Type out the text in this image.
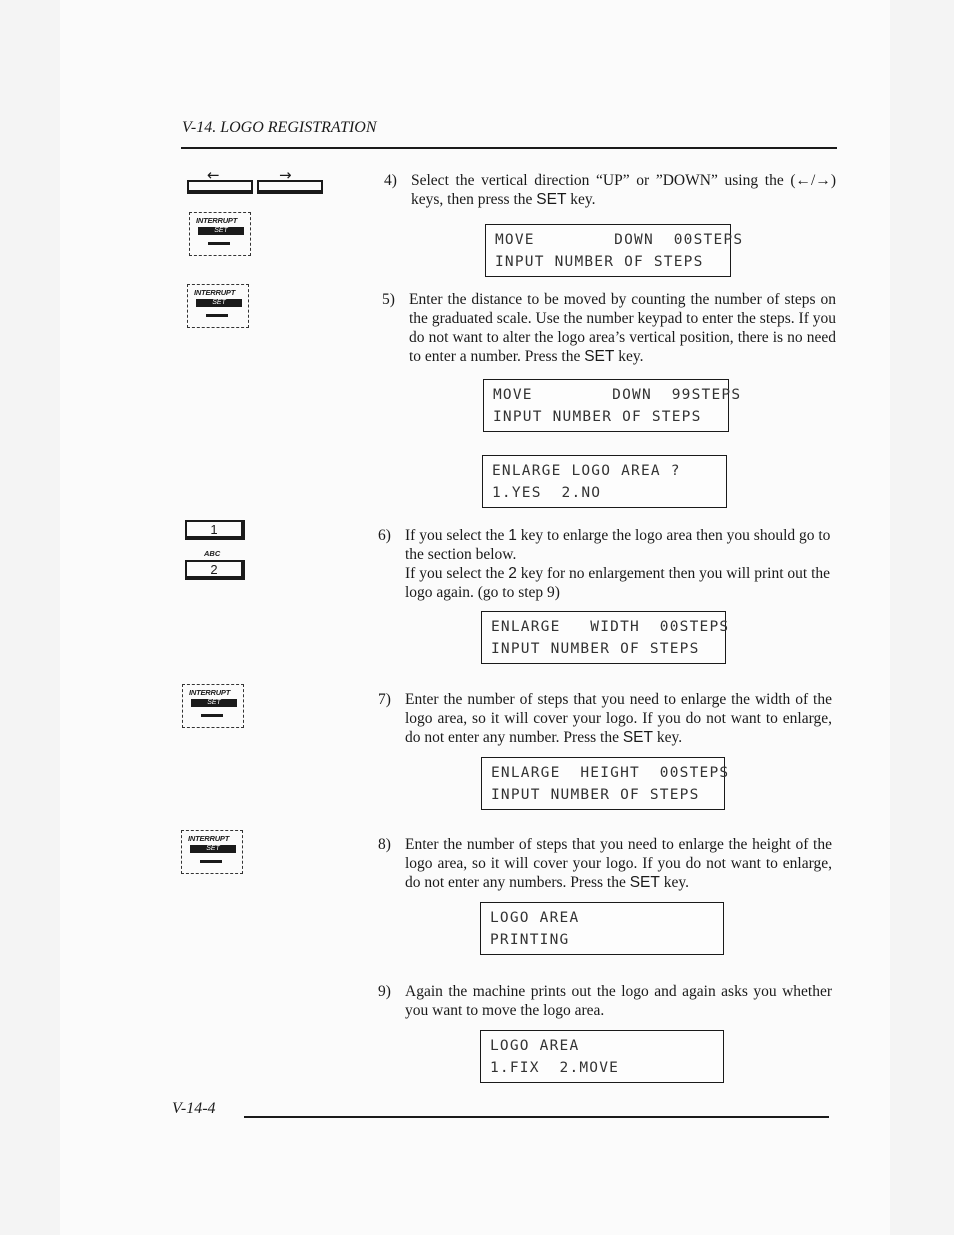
V-14. LOGO REGISTRATION
←	→
INTERRUPT
SET
INTERRUPT
SET
1
ABC
2
INTERRUPT
SET
INTERRUPT
SET
4) Select the vertical direction “UP” or ”DOWN” using the (←/→) keys, then press the SET key.

MOVE        DOWN  00STEPS
INPUT NUMBER OF STEPS
5) Enter the distance to be moved by counting the number of steps on the graduated scale. Use the number keypad to enter the steps. If you do not want to alter the logo area’s vertical position, there is no need to enter a number. Press the SET key.

MOVE        DOWN  99STEPS
INPUT NUMBER OF STEPS
ENLARGE LOGO AREA ?
1.YES  2.NO
6) If you select the 1 key to enlarge the logo area then you should go to the section below.
If you select the 2 key for no enlargement then you will print out the logo again. (go to step 9)

ENLARGE   WIDTH  00STEPS
INPUT NUMBER OF STEPS
7) Enter the number of steps that you need to enlarge the width of the logo area, so it will cover your logo. If you do not want to enlarge, do not enter any number. Press the SET key.

ENLARGE  HEIGHT  00STEPS
INPUT NUMBER OF STEPS
8) Enter the number of steps that you need to enlarge the height of the logo area, so it will cover your logo. If you do not want to enlarge, do not enter any numbers. Press the SET key.

LOGO AREA
PRINTING
9) Again the machine prints out the logo and again asks you whether you want to move the logo area.

LOGO AREA
1.FIX  2.MOVE
V-14-4
